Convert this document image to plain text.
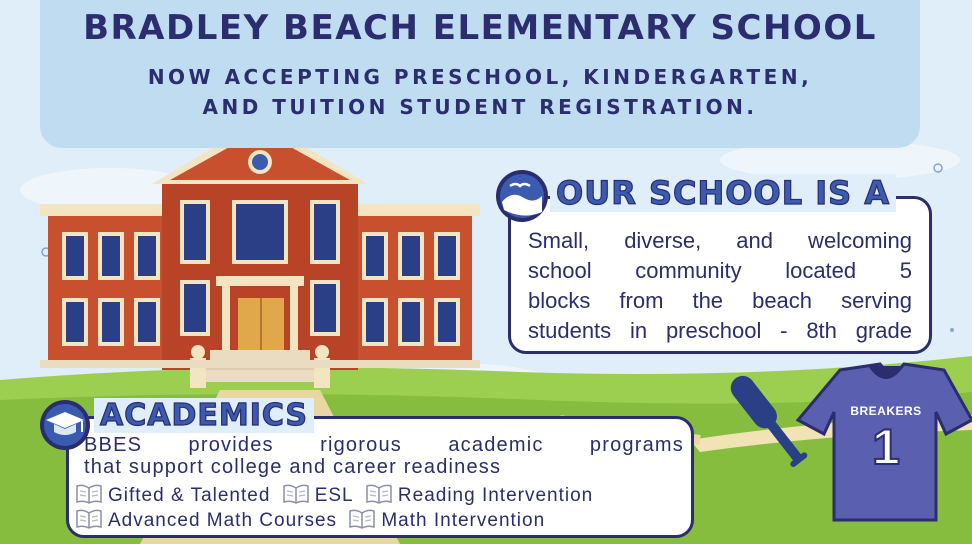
BREAKERS
1
BRADLEY BEACH ELEMENTARY SCHOOL
NOW ACCEPTING PRESCHOOL, KINDERGARTEN,
AND TUITION STUDENT REGISTRATION.
OUR SCHOOL IS A
Small, diverse, and welcoming
school community located 5
blocks from the beach serving
students in preschool - 8th grade
ACADEMICS
BBES provides rigorous academic programs
that support college and career readiness
Gifted & Talented ESL Reading Intervention
Advanced Math Courses Math Intervention
